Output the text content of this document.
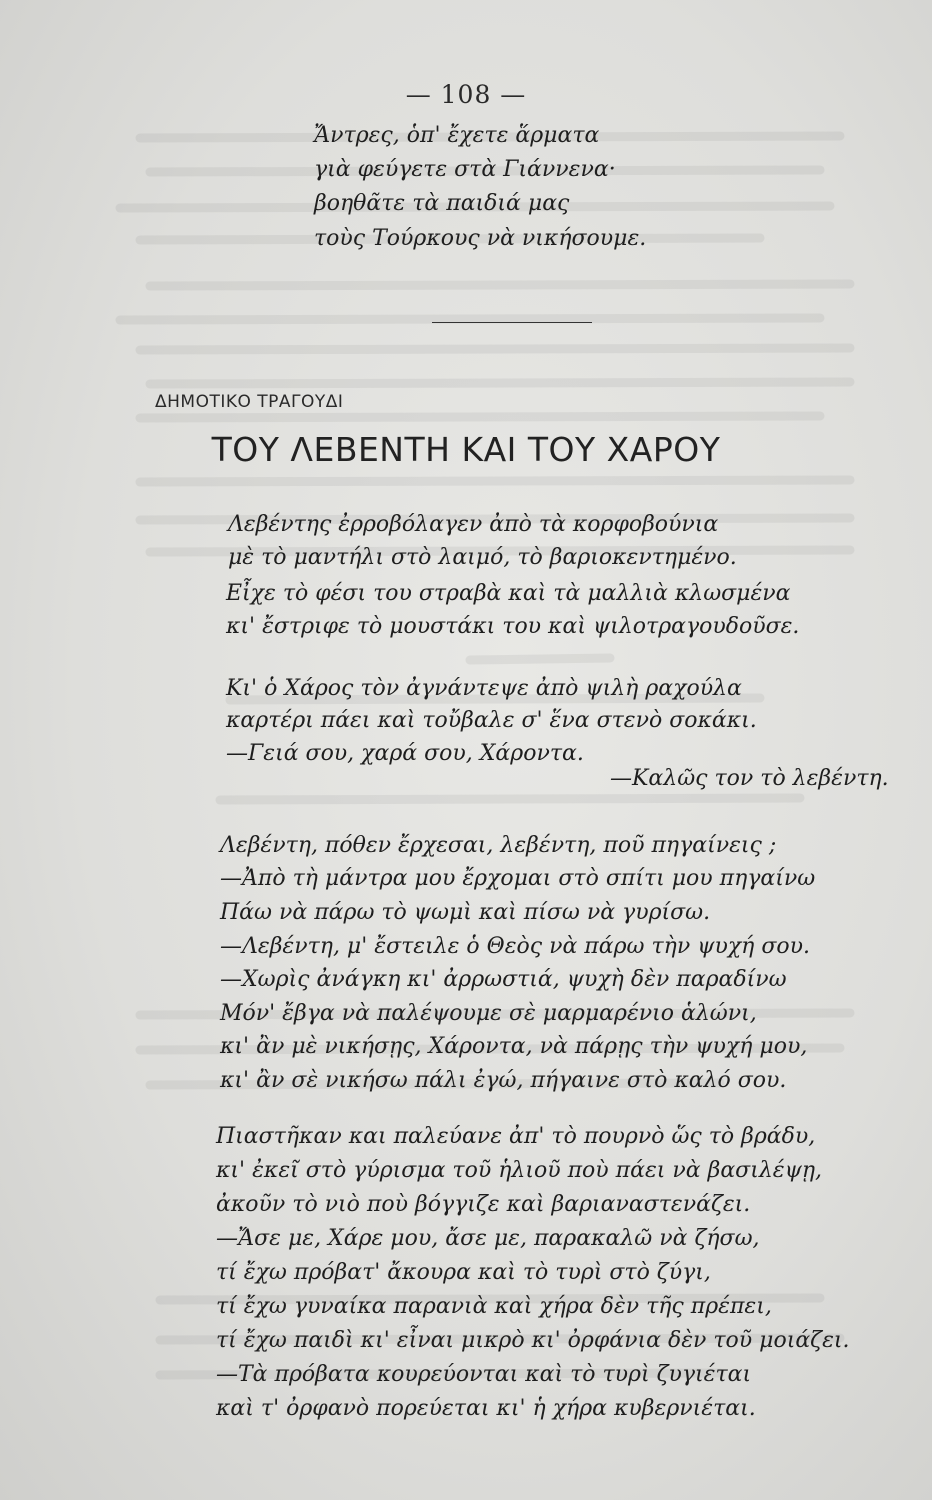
— 108 —
Ἄντρες, ὁπ' ἔχετε ἅρματα
γιὰ φεύγετε στὰ Γιάννενα·
βοηθᾶτε τὰ παιδιά μας
τοὺς Τούρκους νὰ νικήσουμε.
ΔΗΜΟΤΙΚΟ ΤΡΑΓΟΥΔΙ
ΤΟΥ ΛΕΒΕΝΤΗ ΚΑΙ ΤΟΥ ΧΑΡΟΥ
Λεβέντης ἐρροβόλαγεν ἀπὸ τὰ κορφοβούνια
μὲ τὸ μαντήλι στὸ λαιμό, τὸ βαριοκεντημένο.
Εἶχε τὸ φέσι του στραβὰ καὶ τὰ μαλλιὰ κλωσμένα
κι' ἔστριφε τὸ μουστάκι του καὶ ψιλοτραγουδοῦσε.
Κι' ὁ Χάρος τὸν ἀγνάντεψε ἀπὸ ψιλὴ ραχούλα
καρτέρι πάει καὶ τοὔβαλε σ' ἕνα στενὸ σοκάκι.
—Γειά σου, χαρά σου, Χάροντα.
—Καλῶς τον τὸ λεβέντη.
Λεβέντη, πόθεν ἔρχεσαι, λεβέντη, ποῦ πηγαίνεις ;
—Ἀπὸ τὴ μάντρα μου ἔρχομαι στὸ σπίτι μου πηγαίνω
Πάω νὰ πάρω τὸ ψωμὶ καὶ πίσω νὰ γυρίσω.
—Λεβέντη, μ' ἔστειλε ὁ Θεὸς νὰ πάρω τὴν ψυχή σου.
—Χωρὶς ἀνάγκη κι' ἀρρωστιά, ψυχὴ δὲν παραδίνω
Μόν' ἔβγα νὰ παλέψουμε σὲ μαρμαρένιο ἁλώνι,
κι' ἂν μὲ νικήσῃς, Χάροντα, νὰ πάρῃς τὴν ψυχή μου,
κι' ἂν σὲ νικήσω πάλι ἐγώ, πήγαινε στὸ καλό σου.
Πιαστῆκαν και παλεύανε ἀπ' τὸ πουρνὸ ὥς τὸ βράδυ,
κι' ἐκεῖ στὸ γύρισμα τοῦ ἡλιοῦ ποὺ πάει νὰ βασιλέψῃ,
ἀκοῦν τὸ νιὸ ποὺ βόγγιζε καὶ βαριαναστενάζει.
—Ἄσε με, Χάρε μου, ἄσε με, παρακαλῶ νὰ ζήσω,
τί ἔχω πρόβατ' ἄκουρα καὶ τὸ τυρὶ στὸ ζύγι,
τί ἔχω γυναίκα παρανιὰ καὶ χήρα δὲν τῆς πρέπει,
τί ἔχω παιδὶ κι' εἶναι μικρὸ κι' ὀρφάνια δὲν τοῦ μοιάζει.
—Τὰ πρόβατα κουρεύονται καὶ τὸ τυρὶ ζυγιέται
καὶ τ' ὀρφανὸ πορεύεται κι' ἡ χήρα κυβερνιέται.
